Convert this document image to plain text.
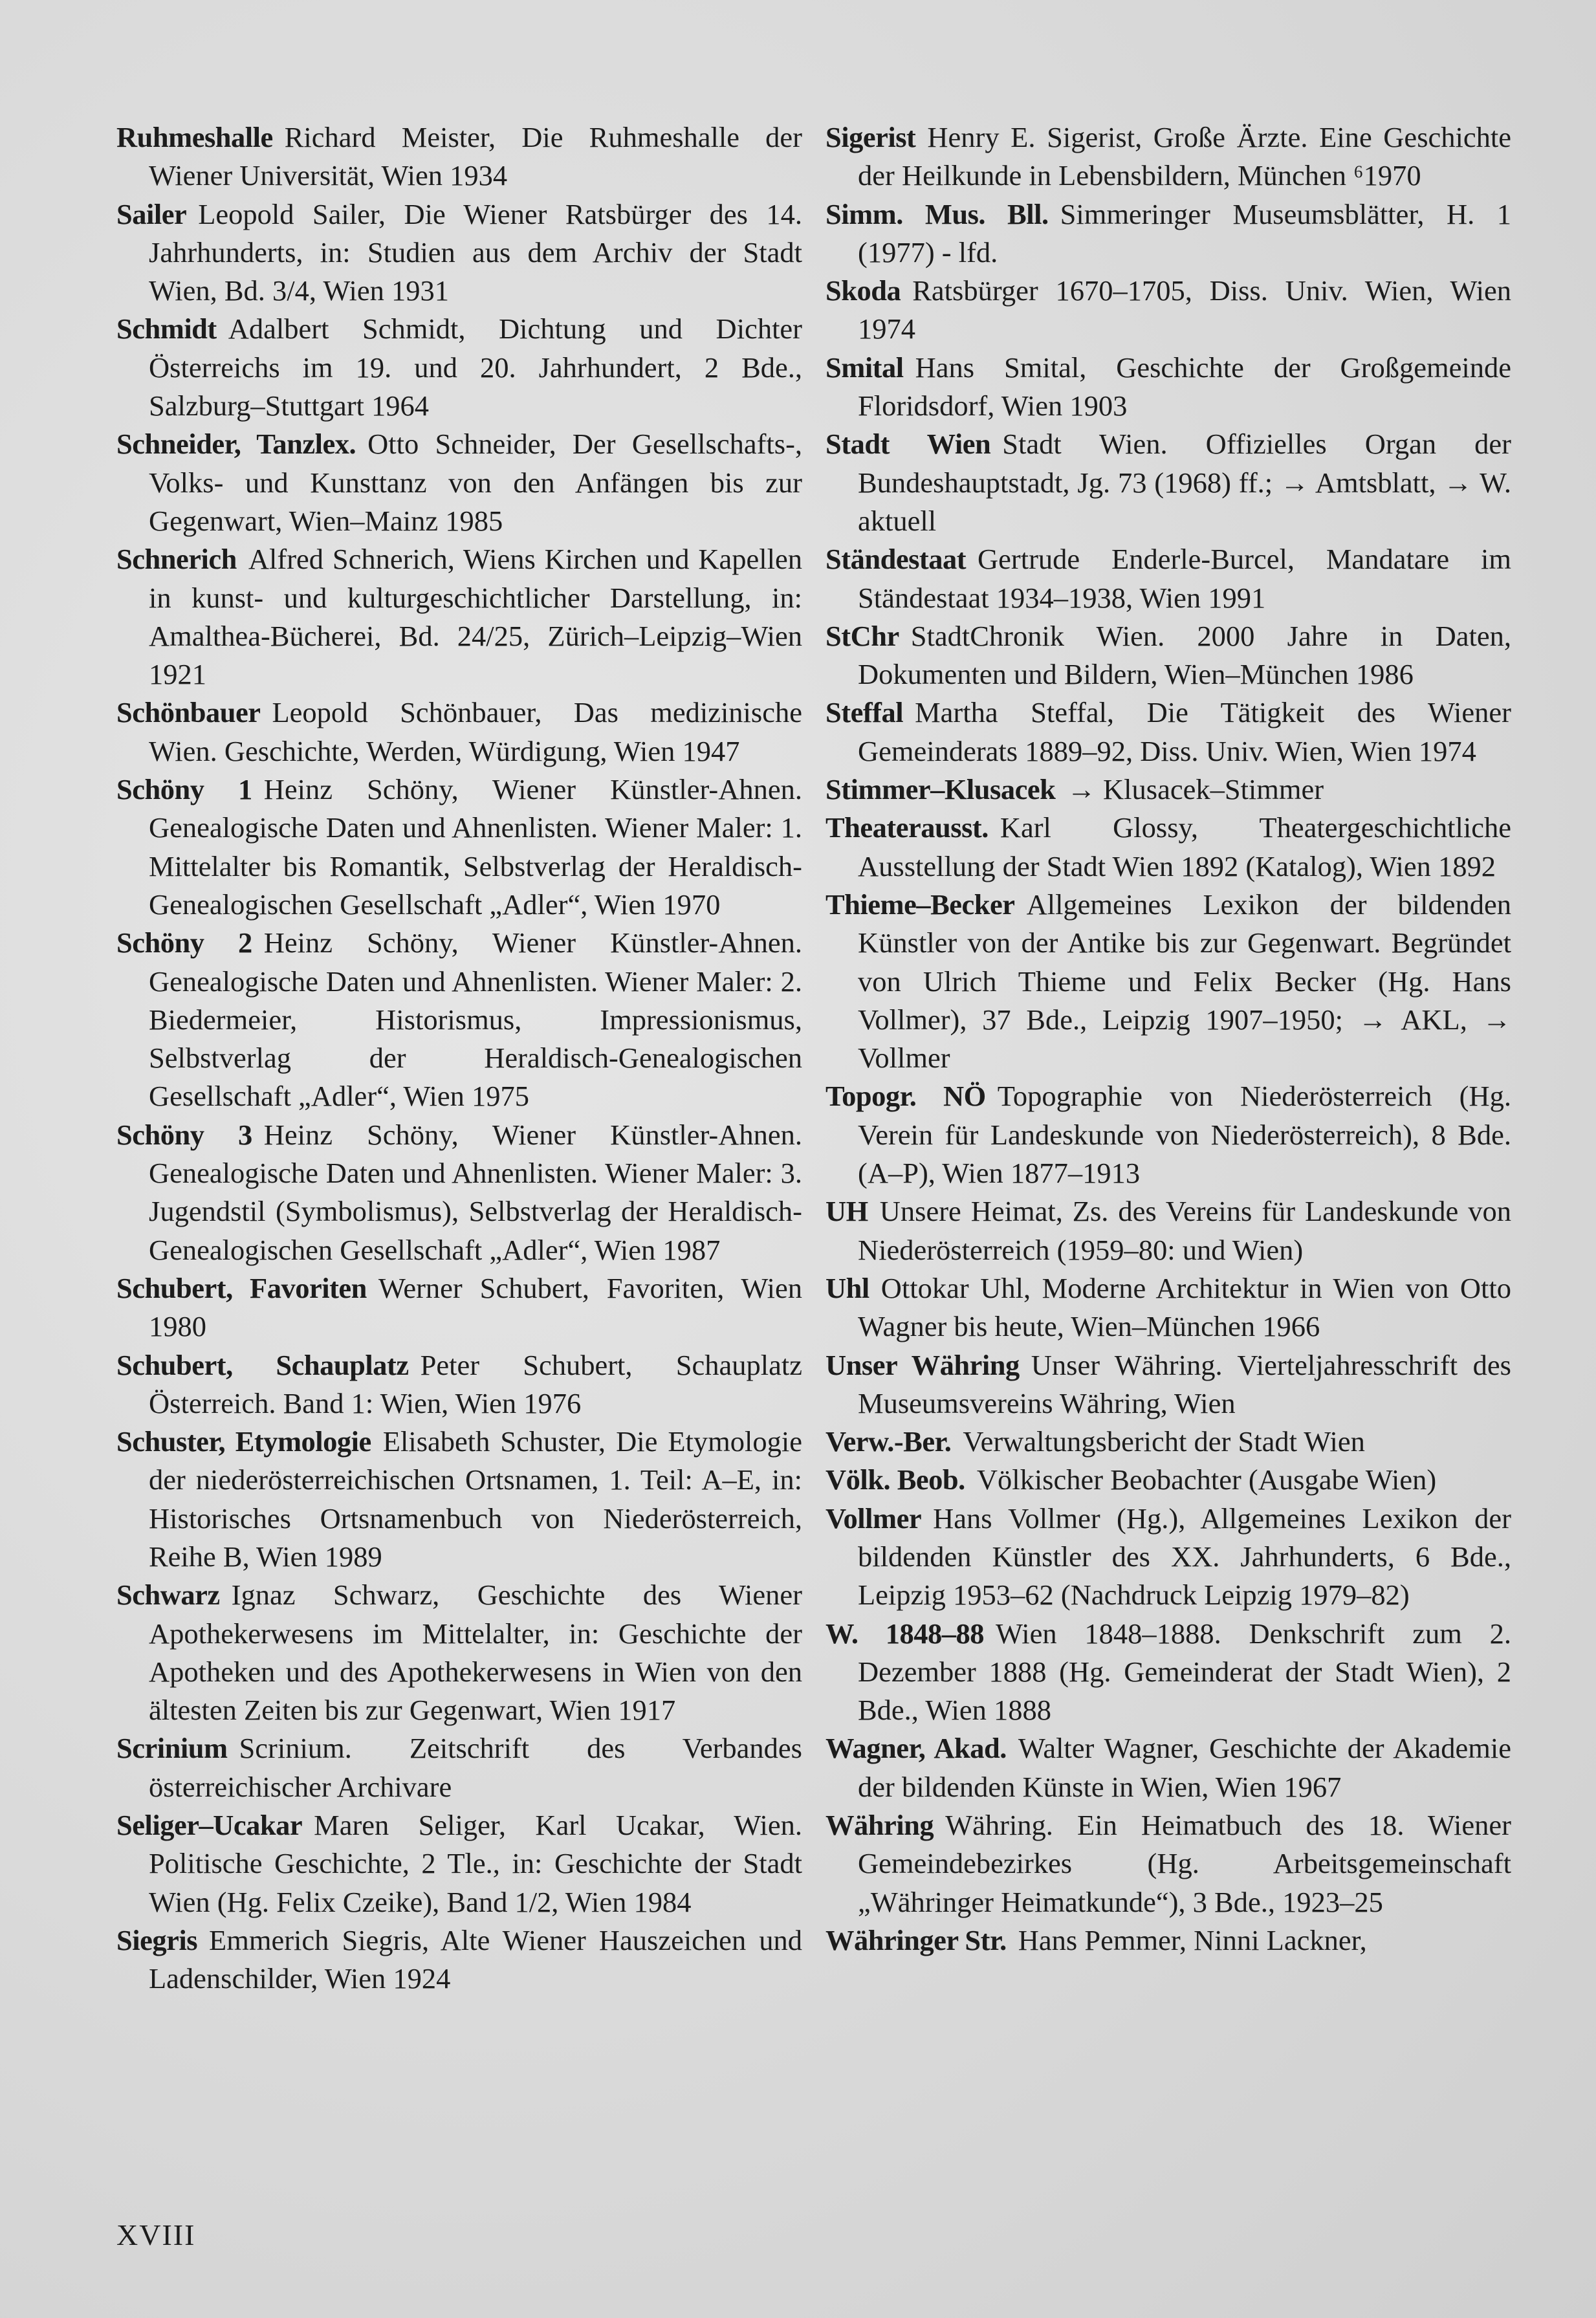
Ruhmeshalle Richard Meister, Die Ruhmeshalle der Wiener Universität, Wien 1934

Sailer Leopold Sailer, Die Wiener Ratsbürger des 14. Jahrhunderts, in: Studien aus dem Archiv der Stadt Wien, Bd. 3/4, Wien 1931

Schmidt Adalbert Schmidt, Dichtung und Dichter Österreichs im 19. und 20. Jahrhundert, 2 Bde., Salzburg–Stuttgart 1964

Schneider, Tanzlex. Otto Schneider, Der Gesellschafts-, Volks- und Kunsttanz von den Anfängen bis zur Gegenwart, Wien–Mainz 1985

Schnerich Alfred Schnerich, Wiens Kirchen und Kapellen in kunst- und kulturgeschichtlicher Darstellung, in: Amalthea-Bücherei, Bd. 24/25, Zürich–Leipzig–Wien 1921

Schönbauer Leopold Schönbauer, Das medizinische Wien. Geschichte, Werden, Würdigung, Wien 1947

Schöny 1 Heinz Schöny, Wiener Künstler-Ahnen. Genealogische Daten und Ahnenlisten. Wiener Maler: 1. Mittelalter bis Romantik, Selbstverlag der Heraldisch-Genealogischen Gesellschaft „Adler“, Wien 1970

Schöny 2 Heinz Schöny, Wiener Künstler-Ahnen. Genealogische Daten und Ahnenlisten. Wiener Maler: 2. Biedermeier, Historismus, Impressionismus, Selbstverlag der Heraldisch-Genealogischen Gesellschaft „Adler“, Wien 1975

Schöny 3 Heinz Schöny, Wiener Künstler-Ahnen. Genealogische Daten und Ahnenlisten. Wiener Maler: 3. Jugendstil (Symbolismus), Selbstverlag der Heraldisch-Genealogischen Gesellschaft „Adler“, Wien 1987

Schubert, Favoriten Werner Schubert, Favoriten, Wien 1980

Schubert, Schauplatz Peter Schubert, Schauplatz Österreich. Band 1: Wien, Wien 1976

Schuster, Etymologie Elisabeth Schuster, Die Etymologie der niederösterreichischen Ortsnamen, 1. Teil: A–E, in: Historisches Ortsnamenbuch von Niederösterreich, Reihe B, Wien 1989

Schwarz Ignaz Schwarz, Geschichte des Wiener Apothekerwesens im Mittelalter, in: Geschichte der Apotheken und des Apothekerwesens in Wien von den ältesten Zeiten bis zur Gegenwart, Wien 1917

Scrinium Scrinium. Zeitschrift des Verbandes österreichischer Archivare

Seliger–Ucakar Maren Seliger, Karl Ucakar, Wien. Politische Geschichte, 2 Tle., in: Geschichte der Stadt Wien (Hg. Felix Czeike), Band 1/2, Wien 1984

Siegris Emmerich Siegris, Alte Wiener Hauszeichen und Ladenschilder, Wien 1924

Sigerist Henry E. Sigerist, Große Ärzte. Eine Geschichte der Heilkunde in Lebensbildern, München ⁶1970

Simm. Mus. Bll. Simmeringer Museumsblätter, H. 1 (1977) - lfd.

Skoda Ratsbürger 1670–1705, Diss. Univ. Wien, Wien 1974

Smital Hans Smital, Geschichte der Großgemeinde Floridsdorf, Wien 1903

Stadt Wien Stadt Wien. Offizielles Organ der Bundeshauptstadt, Jg. 73 (1968) ff.; → Amtsblatt, → W. aktuell

Ständestaat Gertrude Enderle-Burcel, Mandatare im Ständestaat 1934–1938, Wien 1991

StChr StadtChronik Wien. 2000 Jahre in Daten, Dokumenten und Bildern, Wien–München 1986

Steffal Martha Steffal, Die Tätigkeit des Wiener Gemeinderats 1889–92, Diss. Univ. Wien, Wien 1974

Stimmer–Klusacek → Klusacek–Stimmer

Theaterausst. Karl Glossy, Theatergeschichtliche Ausstellung der Stadt Wien 1892 (Katalog), Wien 1892

Thieme–Becker Allgemeines Lexikon der bildenden Künstler von der Antike bis zur Gegenwart. Begründet von Ulrich Thieme und Felix Becker (Hg. Hans Vollmer), 37 Bde., Leipzig 1907–1950; → AKL, → Vollmer

Topogr. NÖ Topographie von Niederösterreich (Hg. Verein für Landeskunde von Niederösterreich), 8 Bde. (A–P), Wien 1877–1913

UH Unsere Heimat, Zs. des Vereins für Landeskunde von Niederösterreich (1959–80: und Wien)

Uhl Ottokar Uhl, Moderne Architektur in Wien von Otto Wagner bis heute, Wien–München 1966

Unser Währing Unser Währing. Vierteljahresschrift des Museumsvereins Währing, Wien

Verw.-Ber. Verwaltungsbericht der Stadt Wien

Völk. Beob. Völkischer Beobachter (Ausgabe Wien)

Vollmer Hans Vollmer (Hg.), Allgemeines Lexikon der bildenden Künstler des XX. Jahrhunderts, 6 Bde., Leipzig 1953–62 (Nachdruck Leipzig 1979–82)

W. 1848–88 Wien 1848–1888. Denkschrift zum 2. Dezember 1888 (Hg. Gemeinderat der Stadt Wien), 2 Bde., Wien 1888

Wagner, Akad. Walter Wagner, Geschichte der Akademie der bildenden Künste in Wien, Wien 1967

Währing Währing. Ein Heimatbuch des 18. Wiener Gemeindebezirkes (Hg. Arbeitsgemeinschaft „Währinger Heimatkunde“), 3 Bde., 1923–25

Währinger Str. Hans Pemmer, Ninni Lackner,

XVIII
